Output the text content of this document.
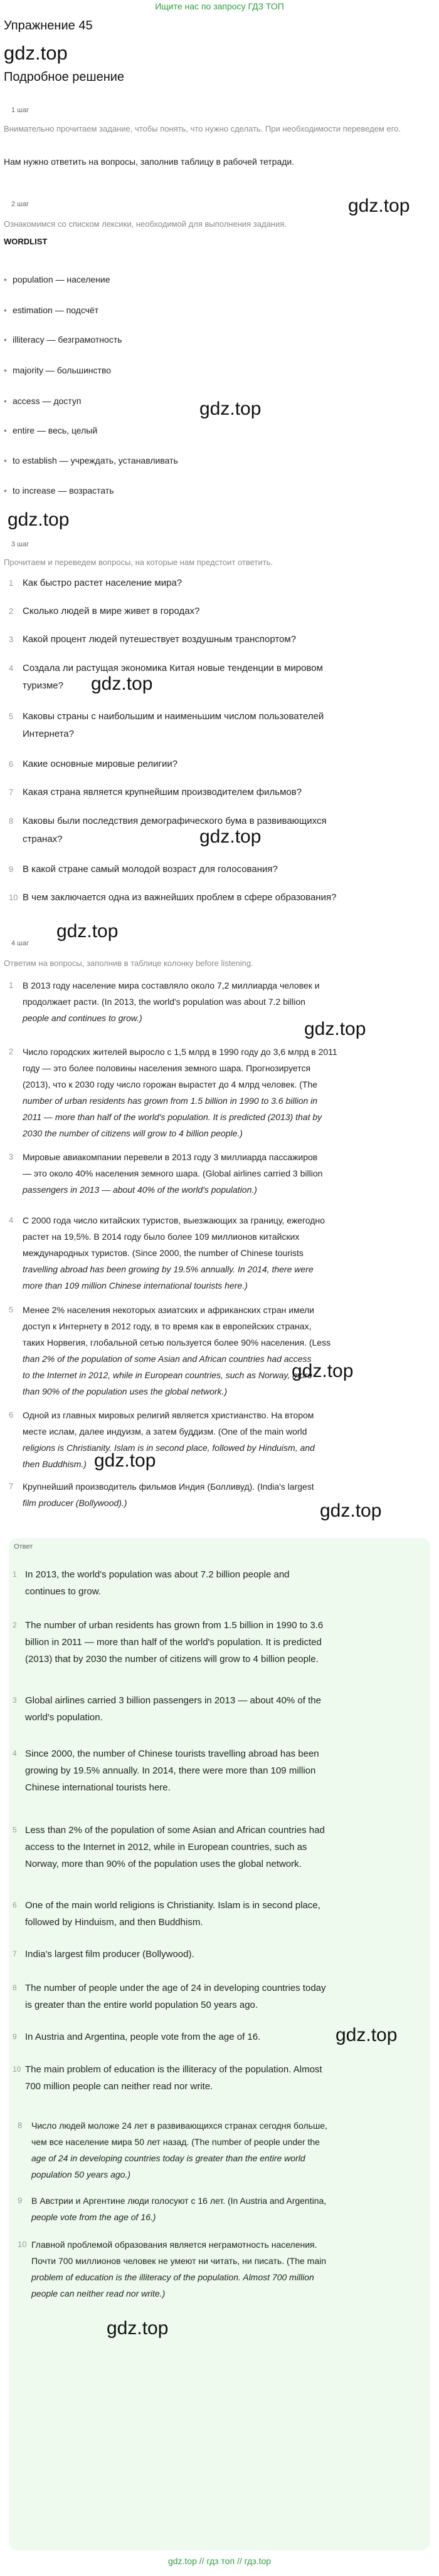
Ищите нас по запросу ГДЗ ТОП
Упражнение 45
gdz.top
Подробное решение
1 шаг
Внимательно прочитаем задание, чтобы понять, что нужно сделать. При необходимости переведем его.
Нам нужно ответить на вопросы, заполнив таблицу в рабочей тетради.
2 шаг
Ознакомимся со списком лексики, необходимой для выполнения задания.
WORDLIST
gdz.top
• population — население
• estimation — подсчёт
• illiteracy — безграмотность
• majority — большинство
• access — доступ
• entire — весь, целый
• to establish — учреждать, устанавливать
• to increase — возрастать
gdz.top
gdz.top
3 шаг
Прочитаем и переведем вопросы, на которые нам предстоит ответить.
1 Как быстро растет население мира?
2 Сколько людей в мире живет в городах?
3 Какой процент людей путешествует воздушным транспортом?
4 Создала ли растущая экономика Китая новые тенденции в мировом
туризме?	gdz.top
5 Каковы страны с наибольшим и наименьшим числом пользователей
Интернета?
6 Какие основные мировые религии?
7 Какая страна является крупнейшим производителем фильмов?
8 Каковы были последствия демографического бума в развивающихся
странах?	gdz.top
9 В какой стране самый молодой возраст для голосования?
10 В чем заключается одна из важнейших проблем в сфере образования?
gdz.top
4 шаг
Ответим на вопросы, заполнив в таблице колонку before listening.
1	В 2013 году население мира составляло около 7,2 миллиарда человек и
продолжает расти. (In 2013, the world's population was about 7.2 billion
people and continues to grow.)
gdz.top
2	Число городских жителей выросло с 1,5 млрд в 1990 году до 3,6 млрд в 2011
году — это более половины населения земного шара. Прогнозируется
(2013), что к 2030 году число горожан вырастет до 4 млрд человек. (The
number of urban residents has grown from 1.5 billion in 1990 to 3.6 billion in
2011 — more than half of the world's population. It is predicted (2013) that by
2030 the number of citizens will grow to 4 billion people.)
3	Мировые авиакомпании перевели в 2013 году 3 миллиарда пассажиров
— это около 40% населения земного шара. (Global airlines carried 3 billion
passengers in 2013 — about 40% of the world's population.)
4	С 2000 года число китайских туристов, выезжающих за границу, ежегодно
растет на 19,5%. В 2014 году было более 109 миллионов китайских
международных туристов. (Since 2000, the number of Chinese tourists
travelling abroad has been growing by 19.5% annually. In 2014, there were
more than 109 million Chinese international tourists here.)
5	Менее 2% населения некоторых азиатских и африканских стран имели
доступ к Интернету в 2012 году, в то время как в европейских странах,
таких Норвегия, глобальной сетью пользуется более 90% населения. (Less
than 2% of the population of some Asian and African countries had access
to the Internet in 2012, while in European countries, such as Norway, more
than 90% of the population uses the global network.)
gdz.top
6	Одной из главных мировых религий является христианство. На втором
месте ислам, далее индуизм, а затем буддизм. (One of the main world
religions is Christianity. Islam is in second place, followed by Hinduism, and
then Buddhism.) gdz.top
7	Крупнейший производитель фильмов Индия (Болливуд). (India's largest
film producer (Bollywood).)	gdz.top
Ответ
1 In 2013, the world's population was about 7.2 billion people and
continues to grow.
2 The number of urban residents has grown from 1.5 billion in 1990 to 3.6
billion in 2011 — more than half of the world's population. It is predicted
(2013) that by 2030 the number of citizens will grow to 4 billion people.
3 Global airlines carried 3 billion passengers in 2013 — about 40% of the
world's population.
4 Since 2000, the number of Chinese tourists travelling abroad has been
growing by 19.5% annually. In 2014, there were more than 109 million
Chinese international tourists here.
5 Less than 2% of the population of some Asian and African countries had
access to the Internet in 2012, while in European countries, such as
Norway, more than 90% of the population uses the global network.
6 One of the main world religions is Christianity. Islam is in second place,
followed by Hinduism, and then Buddhism.
7 India's largest film producer (Bollywood).
8 The number of people under the age of 24 in developing countries today
is greater than the entire world population 50 years ago.
9 In Austria and Argentina, people vote from the age of 16.	gdz.top
10 The main problem of education is the illiteracy of the population. Almost
700 million people can neither read nor write.
8	Число людей моложе 24 лет в развивающихся странах сегодня больше,
чем все население мира 50 лет назад. (The number of people under the
age of 24 in developing countries today is greater than the entire world
population 50 years ago.)
9	В Австрии и Аргентине люди голосуют с 16 лет. (In Austria and Argentina,
people vote from the age of 16.)
10 Главной проблемой образования является неграмотность населения.
Почти 700 миллионов человек не умеют ни читать, ни писать. (The main
problem of education is the illiteracy of the population. Almost 700 million
people can neither read nor write.)
gdz.top
gdz.top // гдз топ // гдз.top
